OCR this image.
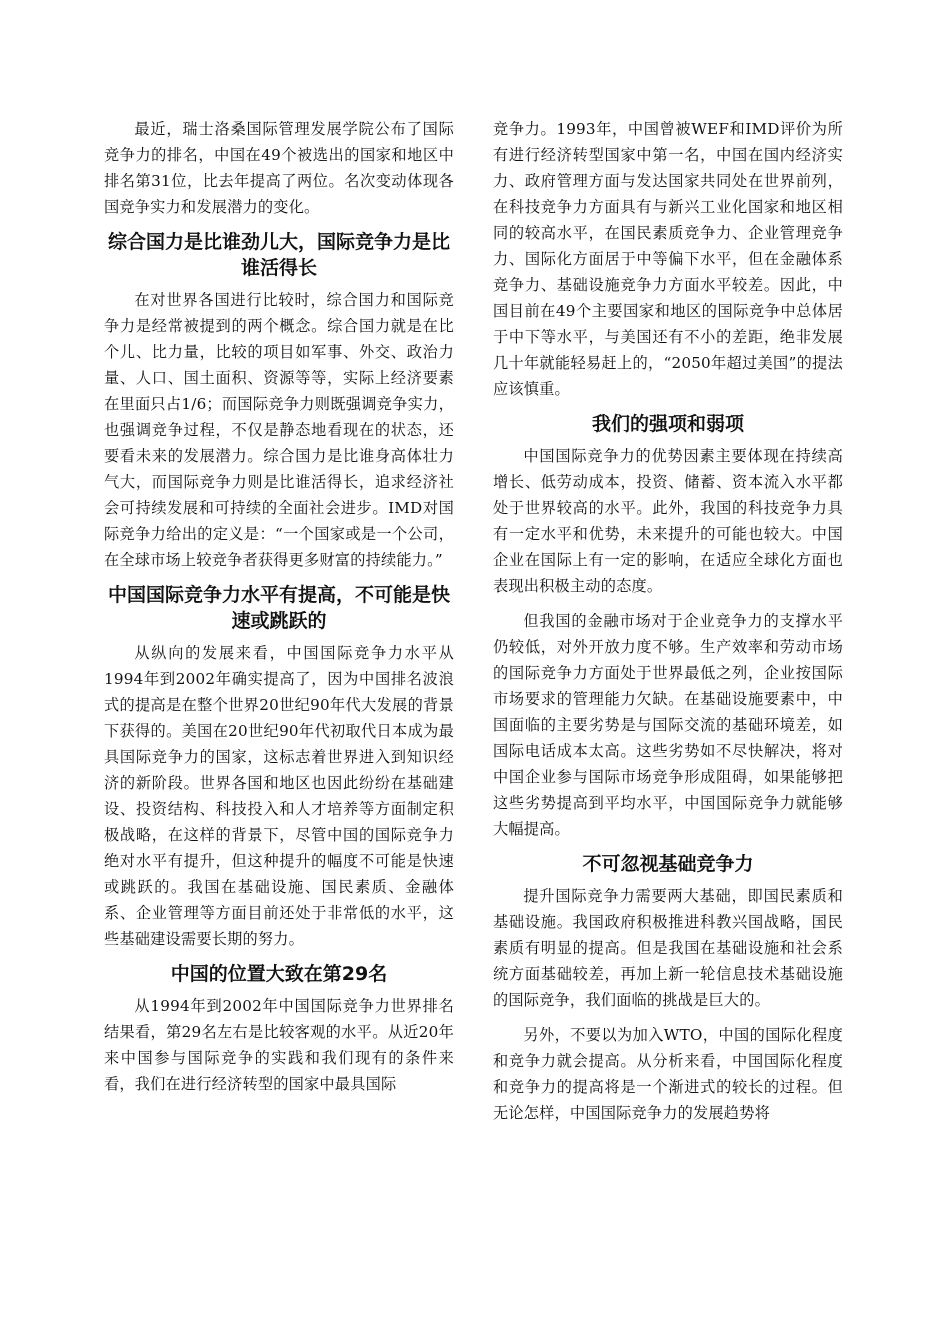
最近，瑞士洛桑国际管理发展学院公布了国际竞争力的排名，中国在49个被选出的国家和地区中排名第31位，比去年提高了两位。名次变动体现各国竞争实力和发展潜力的变化。

综合国力是比谁劲儿大，国际竞争力是比谁活得长

在对世界各国进行比较时，综合国力和国际竞争力是经常被提到的两个概念。综合国力就是在比个儿、比力量，比较的项目如军事、外交、政治力量、人口、国土面积、资源等等，实际上经济要素在里面只占1/6；而国际竞争力则既强调竞争实力，也强调竞争过程，不仅是静态地看现在的状态，还要看未来的发展潜力。综合国力是比谁身高体壮力气大，而国际竞争力则是比谁活得长，追求经济社会可持续发展和可持续的全面社会进步。IMD对国际竞争力给出的定义是：“一个国家或是一个公司，在全球市场上较竞争者获得更多财富的持续能力。”

中国国际竞争力水平有提高，不可能是快速或跳跃的

从纵向的发展来看，中国国际竞争力水平从1994年到2002年确实提高了，因为中国排名波浪式的提高是在整个世界20世纪90年代大发展的背景下获得的。美国在20世纪90年代初取代日本成为最具国际竞争力的国家，这标志着世界进入到知识经济的新阶段。世界各国和地区也因此纷纷在基础建设、投资结构、科技投入和人才培养等方面制定积极战略，在这样的背景下，尽管中国的国际竞争力绝对水平有提升，但这种提升的幅度不可能是快速或跳跃的。我国在基础设施、国民素质、金融体系、企业管理等方面目前还处于非常低的水平，这些基础建设需要长期的努力。

中国的位置大致在第29名

从1994年到2002年中国国际竞争力世界排名结果看，第29名左右是比较客观的水平。从近20年来中国参与国际竞争的实践和我们现有的条件来看，我们在进行经济转型的国家中最具国际

竞争力。1993年，中国曾被WEF和IMD评价为所有进行经济转型国家中第一名，中国在国内经济实力、政府管理方面与发达国家共同处在世界前列，在科技竞争力方面具有与新兴工业化国家和地区相同的较高水平，在国民素质竞争力、企业管理竞争力、国际化方面居于中等偏下水平，但在金融体系竞争力、基础设施竞争力方面水平较差。因此，中国目前在49个主要国家和地区的国际竞争中总体居于中下等水平，与美国还有不小的差距，绝非发展几十年就能轻易赶上的，“2050年超过美国”的提法应该慎重。

我们的强项和弱项

中国国际竞争力的优势因素主要体现在持续高增长、低劳动成本，投资、储蓄、资本流入水平都处于世界较高的水平。此外，我国的科技竞争力具有一定水平和优势，未来提升的可能也较大。中国企业在国际上有一定的影响，在适应全球化方面也表现出积极主动的态度。

但我国的金融市场对于企业竞争力的支撑水平仍较低，对外开放力度不够。生产效率和劳动市场的国际竞争力方面处于世界最低之列，企业按国际市场要求的管理能力欠缺。在基础设施要素中，中国面临的主要劣势是与国际交流的基础环境差，如国际电话成本太高。这些劣势如不尽快解决，将对中国企业参与国际市场竞争形成阻碍，如果能够把这些劣势提高到平均水平，中国国际竞争力就能够大幅提高。

不可忽视基础竞争力

提升国际竞争力需要两大基础，即国民素质和基础设施。我国政府积极推进科教兴国战略，国民素质有明显的提高。但是我国在基础设施和社会系统方面基础较差，再加上新一轮信息技术基础设施的国际竞争，我们面临的挑战是巨大的。

另外，不要以为加入WTO，中国的国际化程度和竞争力就会提高。从分析来看，中国国际化程度和竞争力的提高将是一个渐进式的较长的过程。但无论怎样，中国国际竞争力的发展趋势将
